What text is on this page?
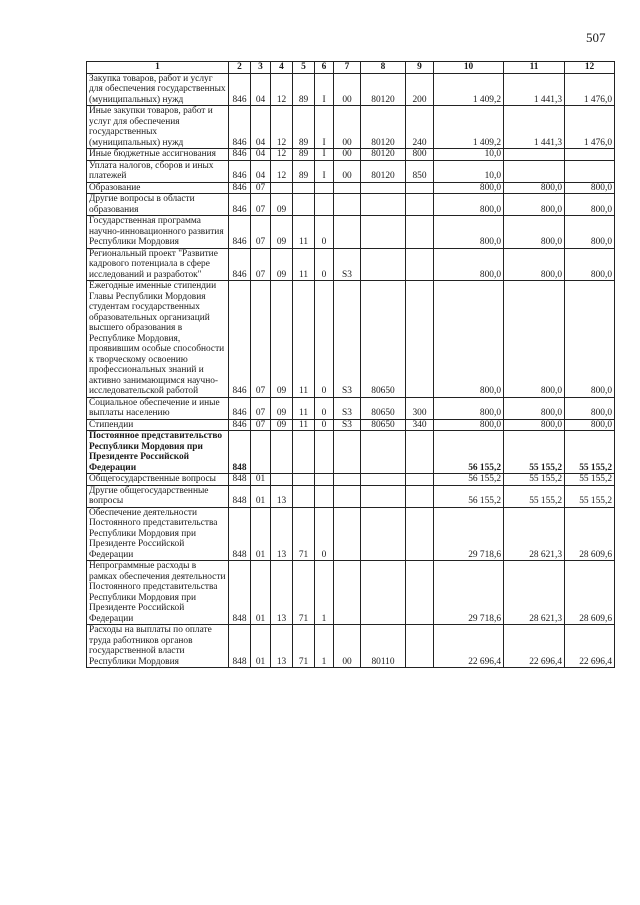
507
1	2	3	4	5	6	7	8	9	10	11	12
Закупка товаров, работ и услуг для обеспечения государственных (муниципальных) нужд	846	04	12	89	I	00	80120	200	1 409,2	1 441,3	1 476,0
Иные закупки товаров, работ и услуг для обеспечения государственных (муниципальных) нужд	846	04	12	89	I	00	80120	240	1 409,2	1 441,3	1 476,0
Иные бюджетные ассигнования	846	04	12	89	I	00	80120	800	10,0		
Уплата налогов, сборов и иных платежей	846	04	12	89	I	00	80120	850	10,0		
Образование	846	07							800,0	800,0	800,0
Другие вопросы в области образования	846	07	09						800,0	800,0	800,0
Государственная программа научно-инновационного развития Республики Мордовия	846	07	09	11	0				800,0	800,0	800,0
Региональный проект "Развитие кадрового потенциала в сфере исследований и разработок"	846	07	09	11	0	S3			800,0	800,0	800,0
Ежегодные именные стипендии Главы Республики Мордовия студентам государственных образовательных организаций высшего образования в Республике Мордовия, проявившим особые способности к творческому освоению профессиональных знаний и активно занимающимся научно-исследовательской работой	846	07	09	11	0	S3	80650		800,0	800,0	800,0
Социальное обеспечение и иные выплаты населению	846	07	09	11	0	S3	80650	300	800,0	800,0	800,0
Стипендии	846	07	09	11	0	S3	80650	340	800,0	800,0	800,0
Постоянное представительство Республики Мордовия при Президенте Российской Федерации	848								56 155,2	55 155,2	55 155,2
Общегосударственные вопросы	848	01							56 155,2	55 155,2	55 155,2
Другие общегосударственные вопросы	848	01	13						56 155,2	55 155,2	55 155,2
Обеспечение деятельности Постоянного представительства Республики Мордовия при Президенте Российской Федерации	848	01	13	71	0				29 718,6	28 621,3	28 609,6
Непрограммные расходы в рамках обеспечения деятельности Постоянного представительства Республики Мордовия при Президенте Российской Федерации	848	01	13	71	1				29 718,6	28 621,3	28 609,6
Расходы на выплаты по оплате труда работников органов государственной власти Республики Мордовия	848	01	13	71	1	00	80110		22 696,4	22 696,4	22 696,4
